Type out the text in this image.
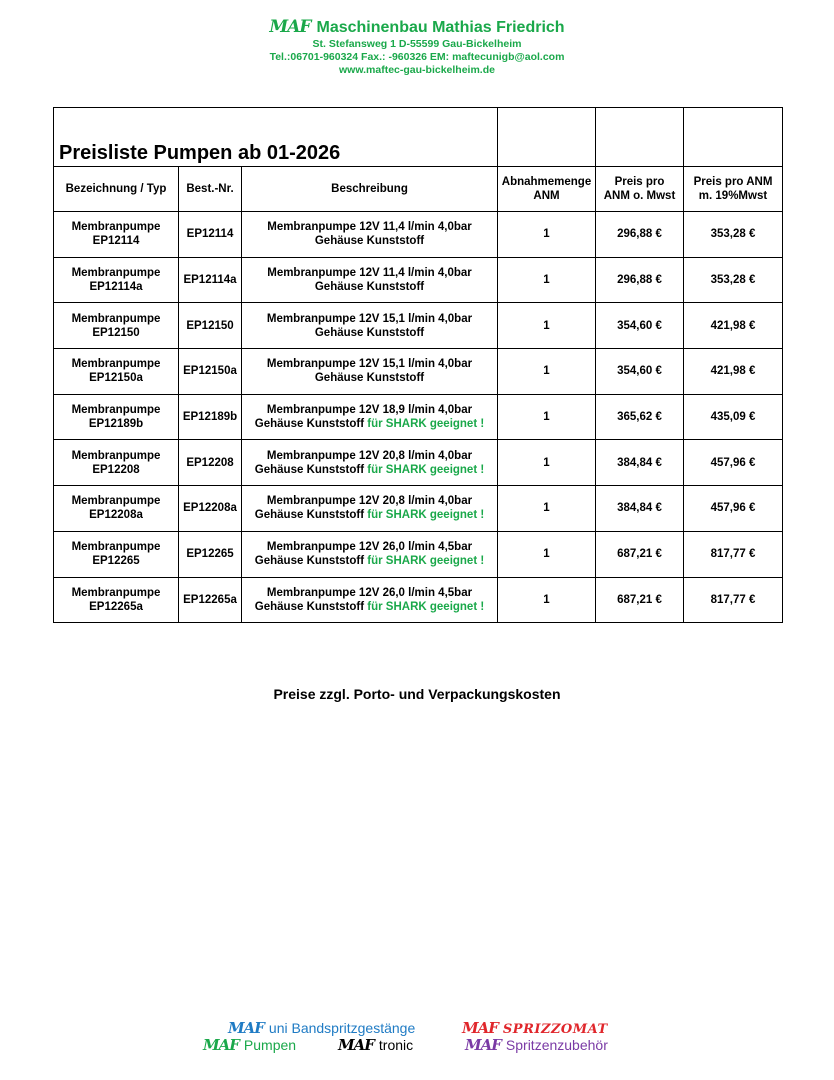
MAF Maschinenbau Mathias Friedrich
St. Stefansweg 1 D-55599 Gau-Bickelheim
Tel.:06701-960324 Fax.: -960326 EM: maftecunigb@aol.com
www.maftec-gau-bickelheim.de
Preisliste Pumpen ab 01-2026					
Bezeichnung / Typ	Best.-Nr.	Beschreibung	Abnahmemenge
ANM	Preis pro
ANM o. Mwst	Preis pro ANM
m. 19%Mwst
Membranpumpe
EP12114	EP12114	Membranpumpe 12V 11,4 l/min 4,0bar
Gehäuse Kunststoff	1	296,88 €	353,28 €
Membranpumpe
EP12114a	EP12114a	Membranpumpe 12V 11,4 l/min 4,0bar
Gehäuse Kunststoff	1	296,88 €	353,28 €
Membranpumpe
EP12150	EP12150	Membranpumpe 12V 15,1 l/min 4,0bar
Gehäuse Kunststoff	1	354,60 €	421,98 €
Membranpumpe
EP12150a	EP12150a	Membranpumpe 12V 15,1 l/min 4,0bar
Gehäuse Kunststoff	1	354,60 €	421,98 €
Membranpumpe
EP12189b	EP12189b	Membranpumpe 12V 18,9 l/min 4,0bar
Gehäuse Kunststoff für SHARK geeignet !	1	365,62 €	435,09 €
Membranpumpe
EP12208	EP12208	Membranpumpe 12V 20,8 l/min 4,0bar
Gehäuse Kunststoff für SHARK geeignet !	1	384,84 €	457,96 €
Membranpumpe
EP12208a	EP12208a	Membranpumpe 12V 20,8 l/min 4,0bar
Gehäuse Kunststoff für SHARK geeignet !	1	384,84 €	457,96 €
Membranpumpe
EP12265	EP12265	Membranpumpe 12V 26,0 l/min 4,5bar
Gehäuse Kunststoff für SHARK geeignet !	1	687,21 €	817,77 €
Membranpumpe
EP12265a	EP12265a	Membranpumpe 12V 26,0 l/min 4,5bar
Gehäuse Kunststoff für SHARK geeignet !	1	687,21 €	817,77 €
Preise zzgl. Porto- und Verpackungskosten
MAF uni Bandspritzgestänge	MAF SPRIZZOMAT
MAF Pumpen	MAF tronic	MAF Spritzenzubehör
